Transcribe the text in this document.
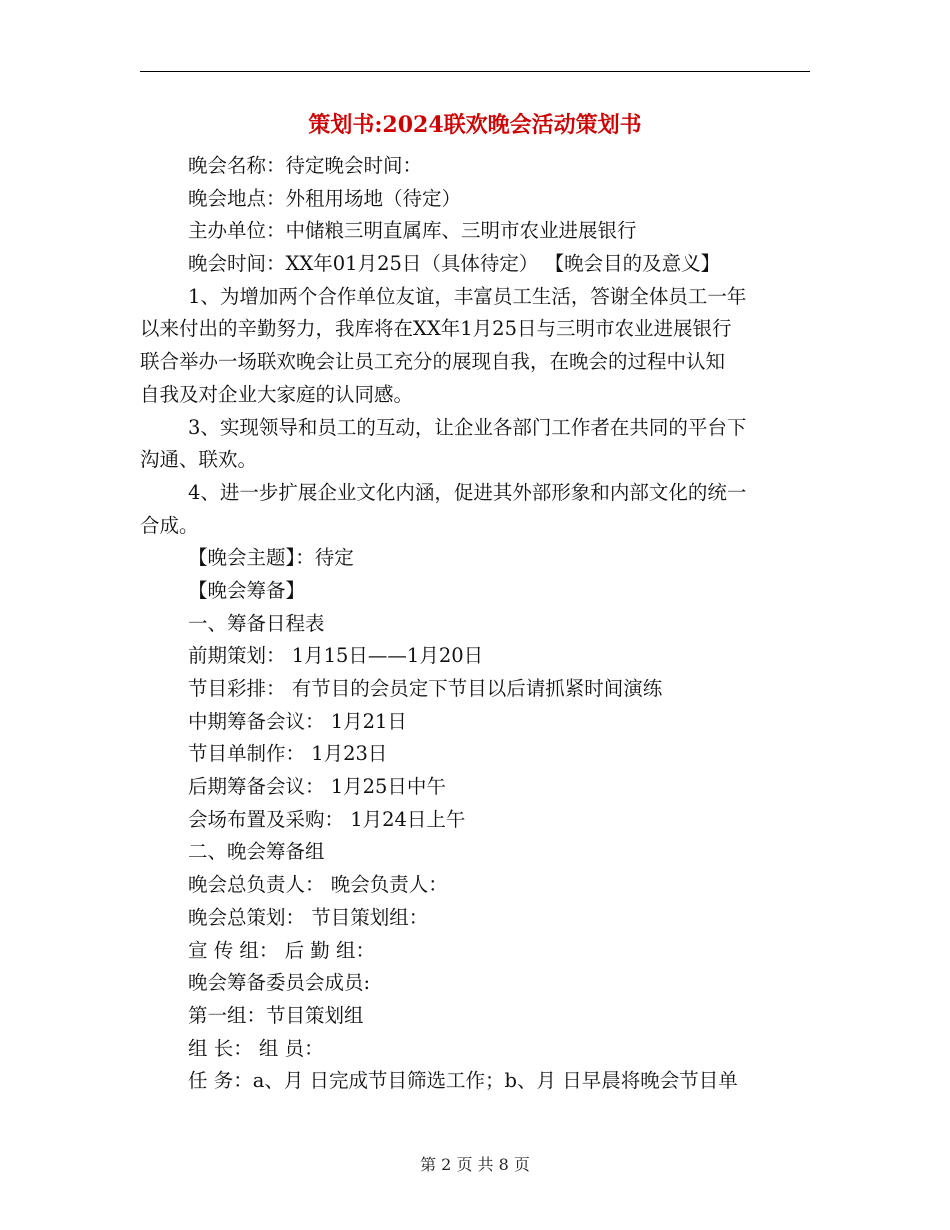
策划书:2024联欢晚会活动策划书
晚会名称：待定晚会时间：
晚会地点：外租用场地（待定）
主办单位：中储粮三明直属库、三明市农业进展银行
晚会时间：XX年01月25日（具体待定） 【晚会目的及意义】
1、为增加两个合作单位友谊，丰富员工生活，答谢全体员工一年
以来付出的辛勤努力，我库将在XX年1月25日与三明市农业进展银行
联合举办一场联欢晚会让员工充分的展现自我，在晚会的过程中认知
自我及对企业大家庭的认同感。
3、实现领导和员工的互动，让企业各部门工作者在共同的平台下
沟通、联欢。
4、进一步扩展企业文化内涵，促进其外部形象和内部文化的统一
合成。
【晚会主题】：待定
【晚会筹备】
一、筹备日程表
前期策划： 1月15日——1月20日
节目彩排： 有节目的会员定下节目以后请抓紧时间演练
中期筹备会议： 1月21日
节目单制作： 1月23日
后期筹备会议： 1月25日中午
会场布置及采购： 1月24日上午
二、晚会筹备组
晚会总负责人： 晚会负责人：
晚会总策划： 节目策划组：
宣 传 组： 后 勤 组：
晚会筹备委员会成员:
第一组：节目策划组
组 长： 组 员：
任 务：a、月 日完成节目筛选工作；b、月 日早晨将晚会节目单
第 2 页 共 8 页
